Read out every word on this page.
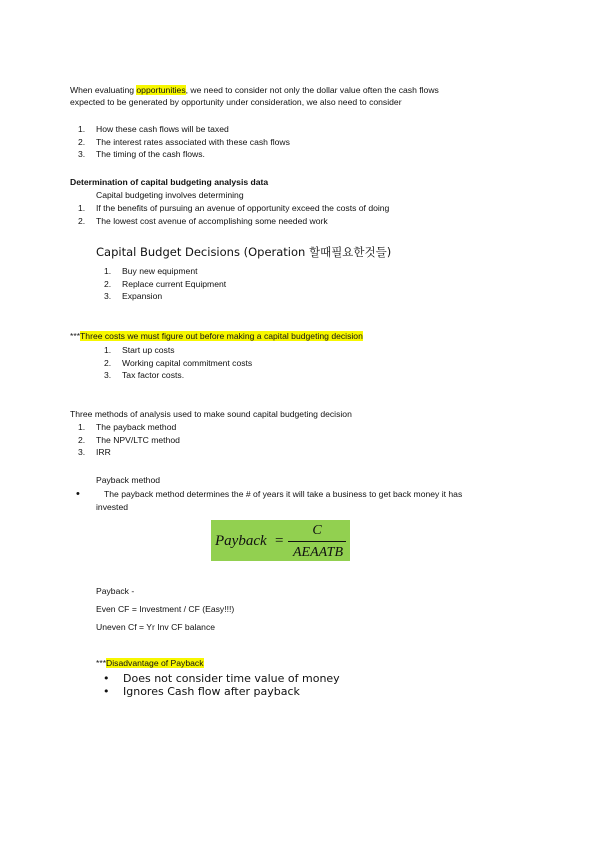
When evaluating opportunities, we need to consider not only the dollar value often the cash flows
expected to be generated by opportunity under consideration, we also need to consider
1. How these cash flows will be taxed
2. The interest rates associated with these cash flows
3. The timing of the cash flows.
Determination of capital budgeting analysis data
Capital budgeting involves determining
1. If the benefits of pursuing an avenue of opportunity exceed the costs of doing
2. The lowest cost avenue of accomplishing some needed work
Capital Budget Decisions (Operation 할때필요한것들)
1. Buy new equipment
2. Replace current Equipment
3. Expansion
***Three costs we must figure out before making a capital budgeting decision
1. Start up costs
2. Working capital commitment costs
3. Tax factor costs.
Three methods of analysis used to make sound capital budgeting decision
1. The payback method
2. The NPV/LTC method
3. IRR
Payback method
•	The payback method determines the # of years it will take a business to get back money it has
invested
Payback =
C
AEAATB
Payback -
Even CF = Investment / CF (Easy!!!)
Uneven Cf = Yr Inv CF balance
***Disadvantage of Payback
• Does not consider time value of money
• Ignores Cash flow after payback
